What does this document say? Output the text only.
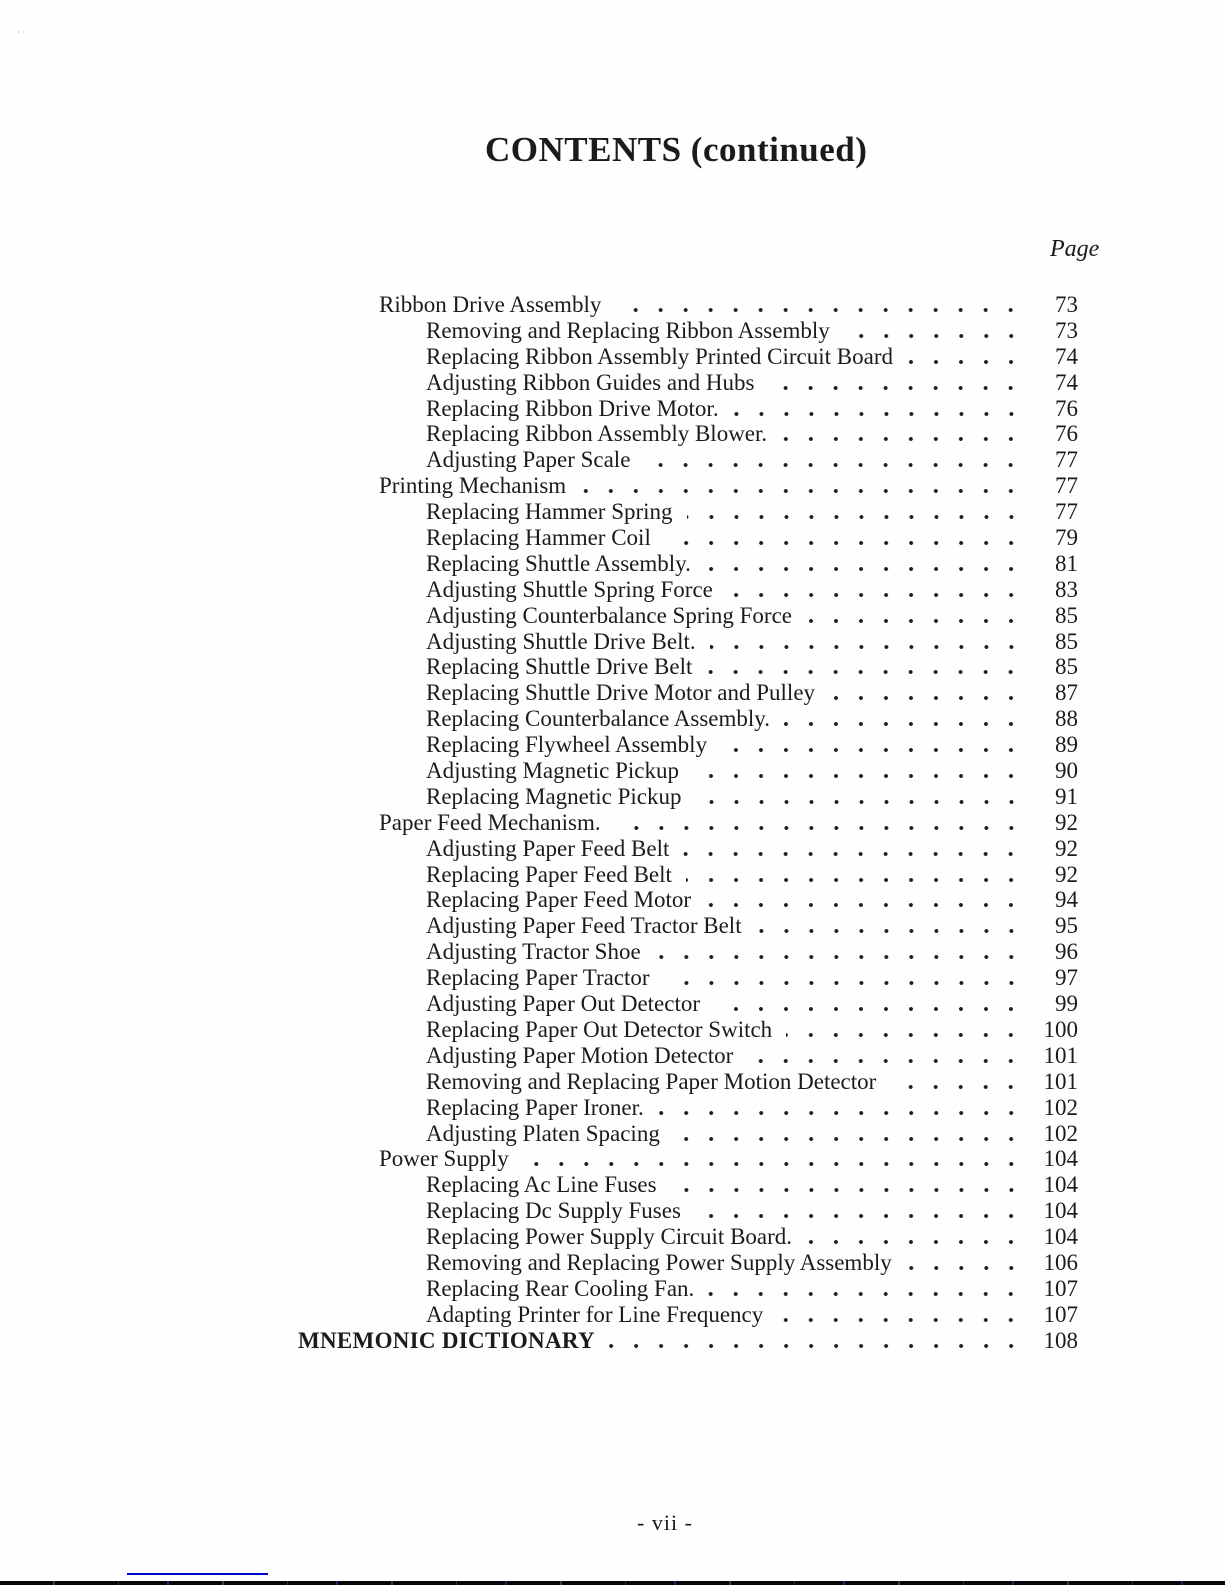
·· ·· ·
CONTENTS (continued)
Page
Ribbon Drive Assembly	73
Removing and Replacing Ribbon Assembly	73
Replacing Ribbon Assembly Printed Circuit Board	74
Adjusting Ribbon Guides and Hubs	74
Replacing Ribbon Drive Motor.	76
Replacing Ribbon Assembly Blower.	76
Adjusting Paper Scale	77
Printing Mechanism	77
Replacing Hammer Spring	77
Replacing Hammer Coil	79
Replacing Shuttle Assembly.	81
Adjusting Shuttle Spring Force	83
Adjusting Counterbalance Spring Force	85
Adjusting Shuttle Drive Belt.	85
Replacing Shuttle Drive Belt	85
Replacing Shuttle Drive Motor and Pulley	87
Replacing Counterbalance Assembly.	88
Replacing Flywheel Assembly	89
Adjusting Magnetic Pickup	90
Replacing Magnetic Pickup	91
Paper Feed Mechanism.	92
Adjusting Paper Feed Belt	92
Replacing Paper Feed Belt	92
Replacing Paper Feed Motor	94
Adjusting Paper Feed Tractor Belt	95
Adjusting Tractor Shoe	96
Replacing Paper Tractor	97
Adjusting Paper Out Detector	99
Replacing Paper Out Detector Switch	100
Adjusting Paper Motion Detector	101
Removing and Replacing Paper Motion Detector	101
Replacing Paper Ironer.	102
Adjusting Platen Spacing	102
Power Supply	104
Replacing Ac Line Fuses	104
Replacing Dc Supply Fuses	104
Replacing Power Supply Circuit Board.	104
Removing and Replacing Power Supply Assembly	106
Replacing Rear Cooling Fan.	107
Adapting Printer for Line Frequency	107
MNEMONIC DICTIONARY	108
- vii -
